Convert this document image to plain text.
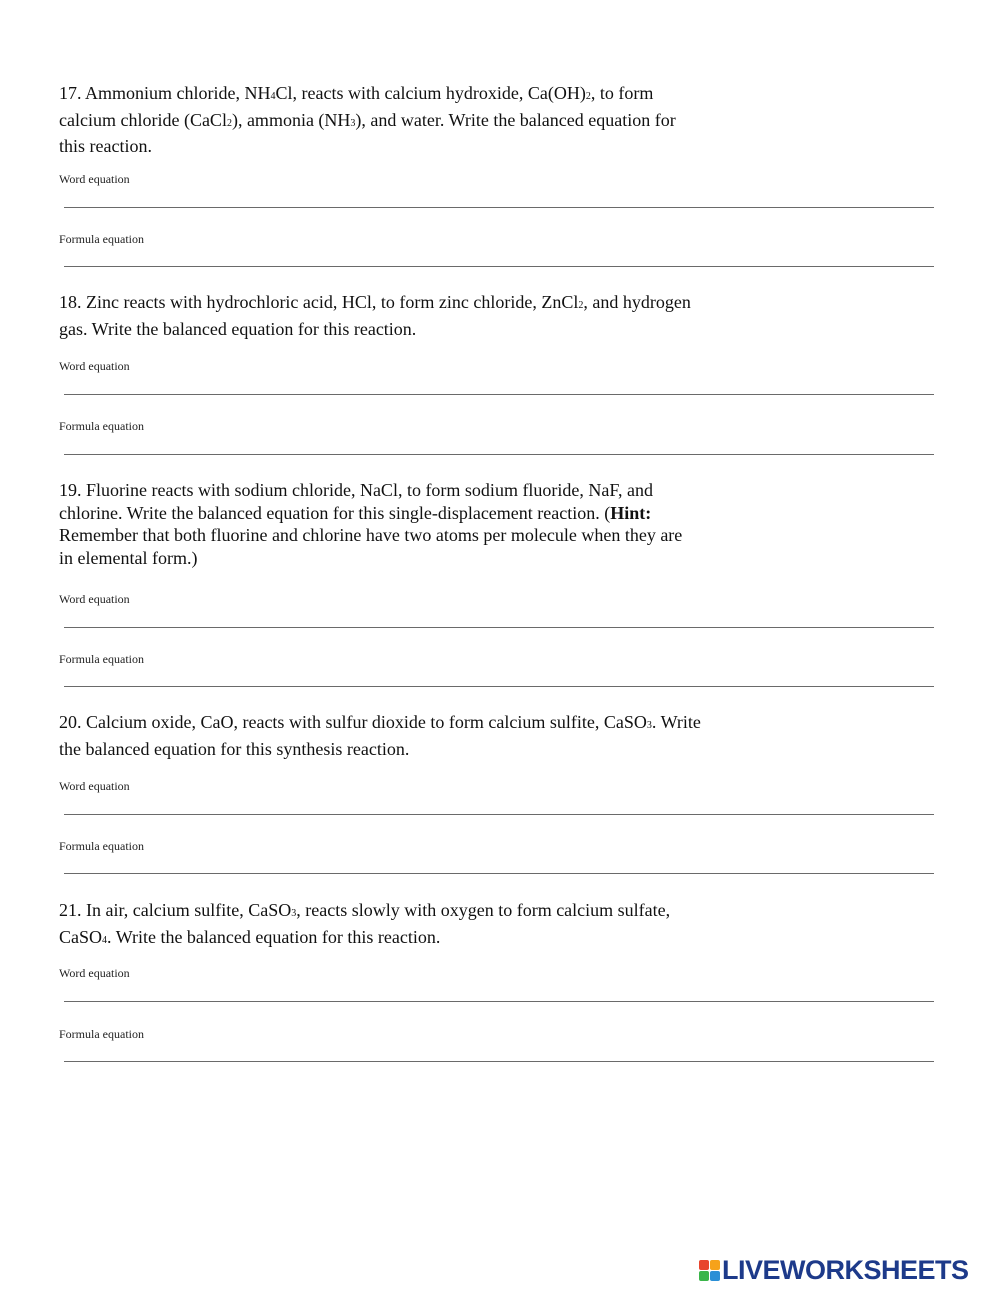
17. Ammonium chloride, NH4Cl, reacts with calcium hydroxide, Ca(OH)2, to form
calcium chloride (CaCl2), ammonia (NH3), and water. Write the balanced equation for
this reaction.

Word equation

Formula equation

18. Zinc reacts with hydrochloric acid, HCl, to form zinc chloride, ZnCl2, and hydrogen
gas. Write the balanced equation for this reaction.

Word equation

Formula equation

19. Fluorine reacts with sodium chloride, NaCl, to form sodium fluoride, NaF, and
chlorine. Write the balanced equation for this single-displacement reaction. (Hint:
Remember that both fluorine and chlorine have two atoms per molecule when they are
in elemental form.)

Word equation

Formula equation

20. Calcium oxide, CaO, reacts with sulfur dioxide to form calcium sulfite, CaSO3. Write
the balanced equation for this synthesis reaction.

Word equation

Formula equation

21. In air, calcium sulfite, CaSO3, reacts slowly with oxygen to form calcium sulfate,
CaSO4. Write the balanced equation for this reaction.

Word equation

Formula equation

LIVEWORKSHEETS
